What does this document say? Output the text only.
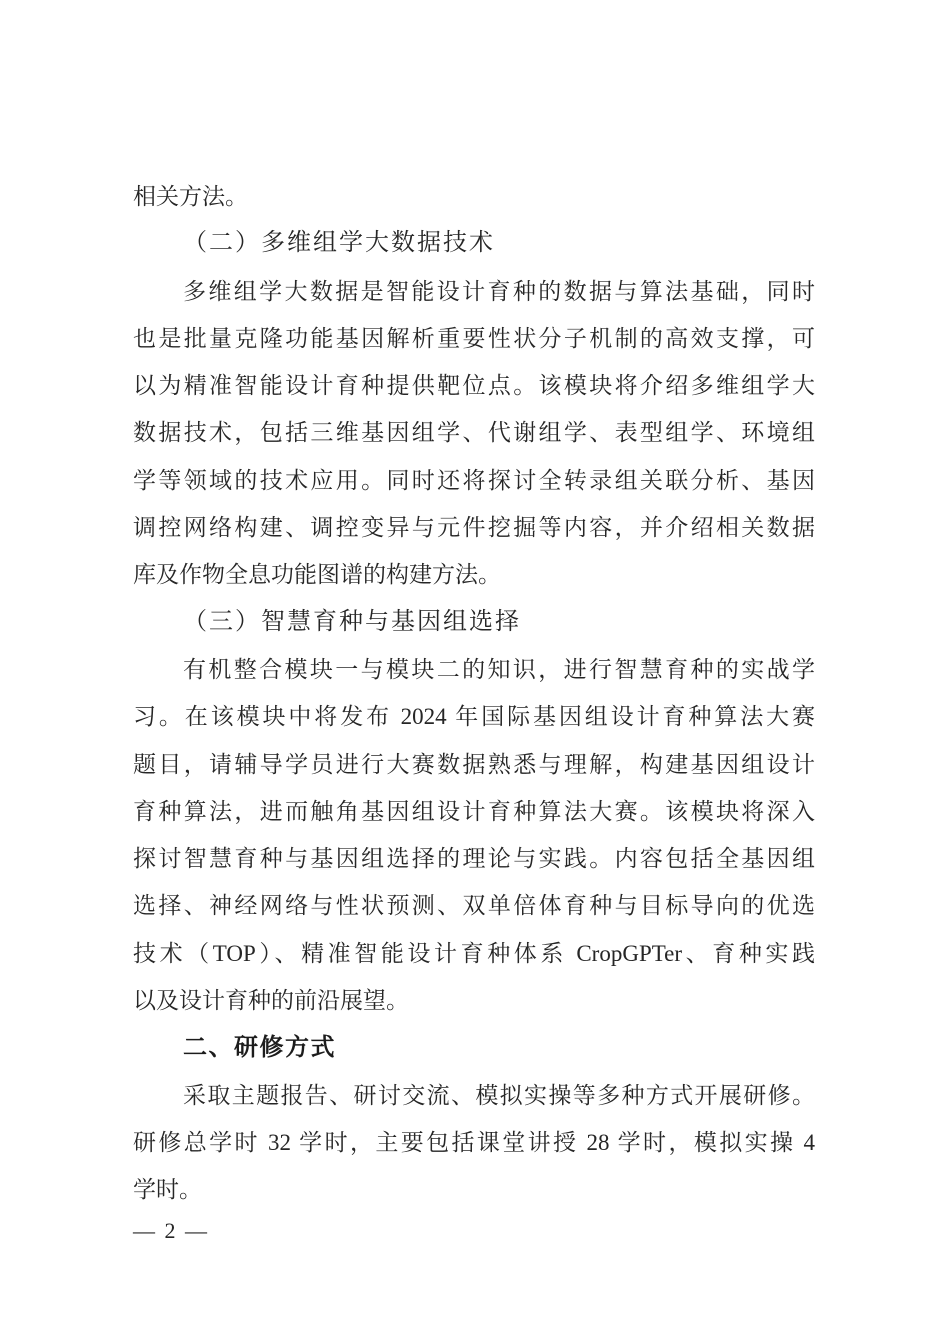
相关方法。
（二）多维组学大数据技术
多维组学大数据是智能设计育种的数据与算法基础，同时
也是批量克隆功能基因解析重要性状分子机制的高效支撑，可
以为精准智能设计育种提供靶位点。该模块将介绍多维组学大
数据技术，包括三维基因组学、代谢组学、表型组学、环境组
学等领域的技术应用。同时还将探讨全转录组关联分析、基因
调控网络构建、调控变异与元件挖掘等内容，并介绍相关数据
库及作物全息功能图谱的构建方法。
（三）智慧育种与基因组选择
有机整合模块一与模块二的知识，进行智慧育种的实战学
习。在该模块中将发布 2024 年国际基因组设计育种算法大赛
题目，请辅导学员进行大赛数据熟悉与理解，构建基因组设计
育种算法，进而触角基因组设计育种算法大赛。该模块将深入
探讨智慧育种与基因组选择的理论与实践。内容包括全基因组
选择、神经网络与性状预测、双单倍体育种与目标导向的优选
技术（TOP）、精准智能设计育种体系 CropGPTer、育种实践
以及设计育种的前沿展望。
二、研修方式
采取主题报告、研讨交流、模拟实操等多种方式开展研修。
研修总学时 32 学时，主要包括课堂讲授 28 学时，模拟实操 4
学时。
— 2 —
